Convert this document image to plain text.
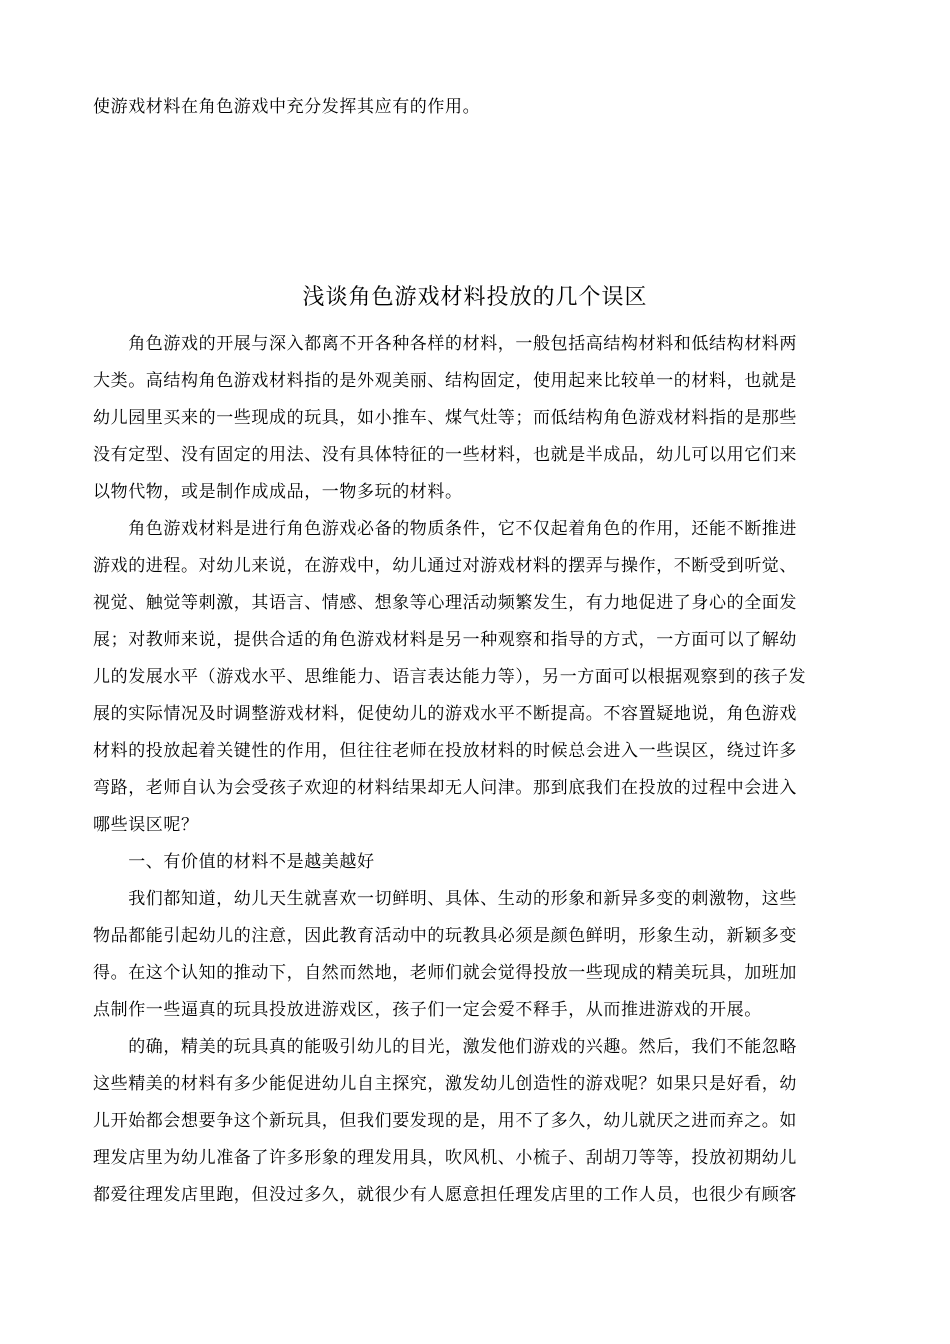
使游戏材料在角色游戏中充分发挥其应有的作用。
浅谈角色游戏材料投放的几个误区
　　角色游戏的开展与深入都离不开各种各样的材料，一般包括高结构材料和低结构材料两
大类。高结构角色游戏材料指的是外观美丽、结构固定，使用起来比较单一的材料，也就是
幼儿园里买来的一些现成的玩具，如小推车、煤气灶等；而低结构角色游戏材料指的是那些
没有定型、没有固定的用法、没有具体特征的一些材料，也就是半成品，幼儿可以用它们来
以物代物，或是制作成成品，一物多玩的材料。
　　角色游戏材料是进行角色游戏必备的物质条件，它不仅起着角色的作用，还能不断推进
游戏的进程。对幼儿来说，在游戏中，幼儿通过对游戏材料的摆弄与操作，不断受到听觉、
视觉、触觉等刺激，其语言、情感、想象等心理活动频繁发生，有力地促进了身心的全面发
展；对教师来说，提供合适的角色游戏材料是另一种观察和指导的方式，一方面可以了解幼
儿的发展水平（游戏水平、思维能力、语言表达能力等），另一方面可以根据观察到的孩子发
展的实际情况及时调整游戏材料，促使幼儿的游戏水平不断提高。不容置疑地说，角色游戏
材料的投放起着关键性的作用，但往往老师在投放材料的时候总会进入一些误区，绕过许多
弯路，老师自认为会受孩子欢迎的材料结果却无人问津。那到底我们在投放的过程中会进入
哪些误区呢？
　　一、有价值的材料不是越美越好
　　我们都知道，幼儿天生就喜欢一切鲜明、具体、生动的形象和新异多变的刺激物，这些
物品都能引起幼儿的注意，因此教育活动中的玩教具必须是颜色鲜明，形象生动，新颖多变
得。在这个认知的推动下，自然而然地，老师们就会觉得投放一些现成的精美玩具，加班加
点制作一些逼真的玩具投放进游戏区，孩子们一定会爱不释手，从而推进游戏的开展。
　　的确，精美的玩具真的能吸引幼儿的目光，激发他们游戏的兴趣。然后，我们不能忽略
这些精美的材料有多少能促进幼儿自主探究，激发幼儿创造性的游戏呢？如果只是好看，幼
儿开始都会想要争这个新玩具，但我们要发现的是，用不了多久，幼儿就厌之进而弃之。如
理发店里为幼儿准备了许多形象的理发用具，吹风机、小梳子、刮胡刀等等，投放初期幼儿
都爱往理发店里跑，但没过多久，就很少有人愿意担任理发店里的工作人员，也很少有顾客
